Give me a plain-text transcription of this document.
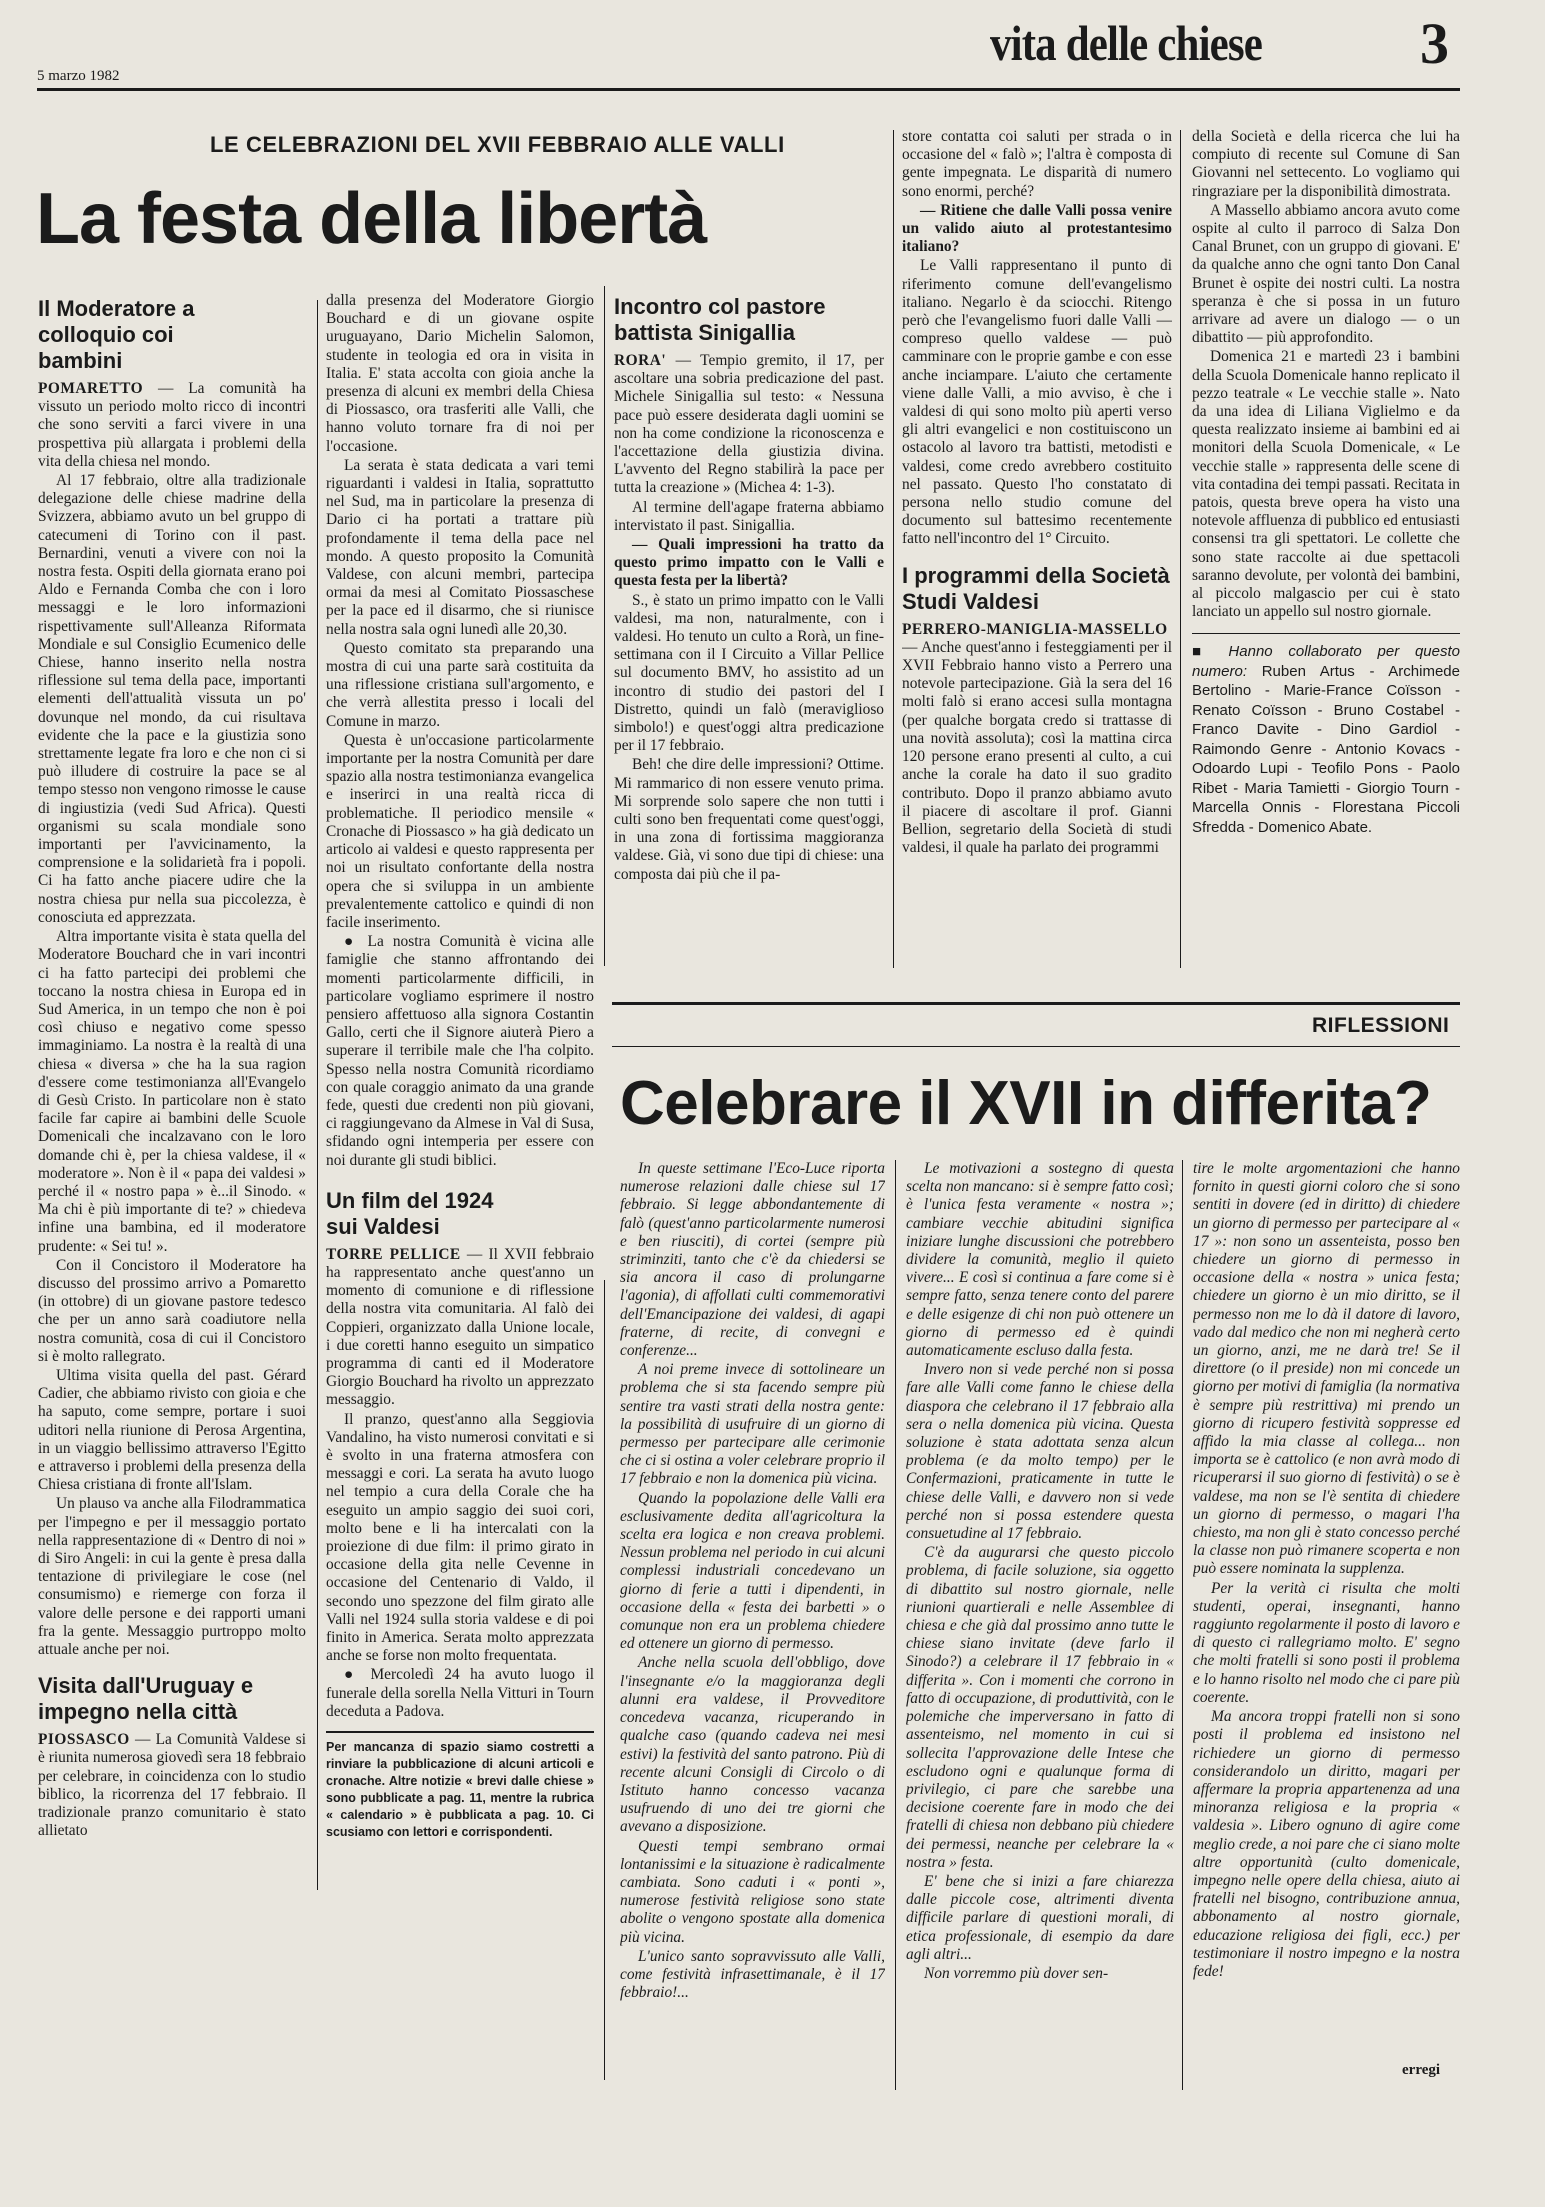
5 marzo 1982
vita delle chiese	3
LE CELEBRAZIONI DEL XVII FEBBRAIO ALLE VALLI
La festa della libertà
Il Moderatore a colloquio coi bambini

POMARETTO — La comunità ha vissuto un periodo molto ricco di incontri che sono serviti a farci vivere in una prospettiva più allargata i problemi della vita della chiesa nel mondo.

Al 17 febbraio, oltre alla tradizionale delegazione delle chiese madrine della Svizzera, abbiamo avuto un bel gruppo di catecumeni di Torino con il past. Bernardini, venuti a vivere con noi la nostra festa. Ospiti della giornata erano poi Aldo e Fernanda Comba che con i loro messaggi e le loro informazioni rispettivamente sull'Alleanza Riformata Mondiale e sul Consiglio Ecumenico delle Chiese, hanno inserito nella nostra riflessione sul tema della pace, importanti elementi dell'attualità vissuta un po' dovunque nel mondo, da cui risultava evidente che la pace e la giustizia sono strettamente legate fra loro e che non ci si può illudere di costruire la pace se al tempo stesso non vengono rimosse le cause di ingiustizia (vedi Sud Africa). Questi organismi su scala mondiale sono importanti per l'avvicinamento, la comprensione e la solidarietà fra i popoli. Ci ha fatto anche piacere udire che la nostra chiesa pur nella sua piccolezza, è conosciuta ed apprezzata.

Altra importante visita è stata quella del Moderatore Bouchard che in vari incontri ci ha fatto partecipi dei problemi che toccano la nostra chiesa in Europa ed in Sud America, in un tempo che non è poi così chiuso e negativo come spesso immaginiamo. La nostra è la realtà di una chiesa « diversa » che ha la sua ragion d'essere come testimonianza all'Evangelo di Gesù Cristo. In particolare non è stato facile far capire ai bambini delle Scuole Domenicali che incalzavano con le loro domande chi è, per la chiesa valdese, il « moderatore ». Non è il « papa dei valdesi » perché il « nostro papa » è...il Sinodo. « Ma chi è più importante di te? » chiedeva infine una bambina, ed il moderatore prudente: « Sei tu! ».

Con il Concistoro il Moderatore ha discusso del prossimo arrivo a Pomaretto (in ottobre) di un giovane pastore tedesco che per un anno sarà coadiutore nella nostra comunità, cosa di cui il Concistoro si è molto rallegrato.

Ultima visita quella del past. Gérard Cadier, che abbiamo rivisto con gioia e che ha saputo, come sempre, portare i suoi uditori nella riunione di Perosa Argentina, in un viaggio bellissimo attraverso l'Egitto e attraverso i problemi della presenza della Chiesa cristiana di fronte all'Islam.

Un plauso va anche alla Filodrammatica per l'impegno e per il messaggio portato nella rappresentazione di « Dentro di noi » di Siro Angeli: in cui la gente è presa dalla tentazione di privilegiare le cose (nel consumismo) e riemerge con forza il valore delle persone e dei rapporti umani fra la gente. Messaggio purtroppo molto attuale anche per noi.

Visita dall'Uruguay e impegno nella città

PIOSSASCO — La Comunità Valdese si è riunita numerosa giovedì sera 18 febbraio per celebrare, in coincidenza con lo studio biblico, la ricorrenza del 17 febbraio. Il tradizionale pranzo comunitario è stato allietato

dalla presenza del Moderatore Giorgio Bouchard e di un giovane ospite uruguayano, Dario Michelin Salomon, studente in teologia ed ora in visita in Italia. E' stata accolta con gioia anche la presenza di alcuni ex membri della Chiesa di Piossasco, ora trasferiti alle Valli, che hanno voluto tornare fra di noi per l'occasione.

La serata è stata dedicata a vari temi riguardanti i valdesi in Italia, soprattutto nel Sud, ma in particolare la presenza di Dario ci ha portati a trattare più profondamente il tema della pace nel mondo. A questo proposito la Comunità Valdese, con alcuni membri, partecipa ormai da mesi al Comitato Piossaschese per la pace ed il disarmo, che si riunisce nella nostra sala ogni lunedì alle 20,30.

Questo comitato sta preparando una mostra di cui una parte sarà costituita da una riflessione cristiana sull'argomento, e che verrà allestita presso i locali del Comune in marzo.

Questa è un'occasione particolarmente importante per la nostra Comunità per dare spazio alla nostra testimonianza evangelica e inserirci in una realtà ricca di problematiche. Il periodico mensile « Cronache di Piossasco » ha già dedicato un articolo ai valdesi e questo rappresenta per noi un risultato confortante della nostra opera che si sviluppa in un ambiente prevalentemente cattolico e quindi di non facile inserimento.

● La nostra Comunità è vicina alle famiglie che stanno affrontando dei momenti particolarmente difficili, in particolare vogliamo esprimere il nostro pensiero affettuoso alla signora Costantin Gallo, certi che il Signore aiuterà Piero a superare il terribile male che l'ha colpito. Spesso nella nostra Comunità ricordiamo con quale coraggio animato da una grande fede, questi due credenti non più giovani, ci raggiungevano da Almese in Val di Susa, sfidando ogni intemperia per essere con noi durante gli studi biblici.

Un film del 1924 sui Valdesi

TORRE PELLICE — Il XVII febbraio ha rappresentato anche quest'anno un momento di comunione e di riflessione della nostra vita comunitaria. Al falò dei Coppieri, organizzato dalla Unione locale, i due coretti hanno eseguito un simpatico programma di canti ed il Moderatore Giorgio Bouchard ha rivolto un apprezzato messaggio.

Il pranzo, quest'anno alla Seggiovia Vandalino, ha visto numerosi convitati e si è svolto in una fraterna atmosfera con messaggi e cori. La serata ha avuto luogo nel tempio a cura della Corale che ha eseguito un ampio saggio dei suoi cori, molto bene e li ha intercalati con la proiezione di due film: il primo girato in occasione della gita nelle Cevenne in occasione del Centenario di Valdo, il secondo uno spezzone del film girato alle Valli nel 1924 sulla storia valdese e di poi finito in America. Serata molto apprezzata anche se forse non molto frequentata.

● Mercoledì 24 ha avuto luogo il funerale della sorella Nella Vitturi in Tourn deceduta a Padova.

Per mancanza di spazio siamo costretti a rinviare la pubblicazione di alcuni articoli e cronache. Altre notizie « brevi dalle chiese » sono pubblicate a pag. 11, mentre la rubrica « calendario » è pubblicata a pag. 10. Ci scusiamo con lettori e corrispondenti.
Incontro col pastore battista Sinigallia

RORA' — Tempio gremito, il 17, per ascoltare una sobria predicazione del past. Michele Sinigallia sul testo: « Nessuna pace può essere desiderata dagli uomini se non ha come condizione la riconoscenza e l'accettazione della giustizia divina. L'avvento del Regno stabilirà la pace per tutta la creazione » (Michea 4: 1-3).

Al termine dell'agape fraterna abbiamo intervistato il past. Sinigallia.

— Quali impressioni ha tratto da questo primo impatto con le Valli e questa festa per la libertà?

S., è stato un primo impatto con le Valli valdesi, ma non, naturalmente, con i valdesi. Ho tenuto un culto a Rorà, un fine-settimana con il I Circuito a Villar Pellice sul documento BMV, ho assistito ad un incontro di studio dei pastori del I Distretto, quindi un falò (meraviglioso simbolo!) e quest'oggi altra predicazione per il 17 febbraio.

Beh! che dire delle impressioni? Ottime. Mi rammarico di non essere venuto prima. Mi sorprende solo sapere che non tutti i culti sono ben frequentati come quest'oggi, in una zona di fortissima maggioranza valdese. Già, vi sono due tipi di chiese: una composta dai più che il pa-

store contatta coi saluti per strada o in occasione del « falò »; l'altra è composta di gente impegnata. Le disparità di numero sono enormi, perché?

— Ritiene che dalle Valli possa venire un valido aiuto al protestantesimo italiano?

Le Valli rappresentano il punto di riferimento comune dell'evangelismo italiano. Negarlo è da sciocchi. Ritengo però che l'evangelismo fuori dalle Valli — compreso quello valdese — può camminare con le proprie gambe e con esse anche inciampare. L'aiuto che certamente viene dalle Valli, a mio avviso, è che i valdesi di qui sono molto più aperti verso gli altri evangelici e non costituiscono un ostacolo al lavoro tra battisti, metodisti e valdesi, come credo avrebbero costituito nel passato. Questo l'ho constatato di persona nello studio comune del documento sul battesimo recentemente fatto nell'incontro del 1° Circuito.

I programmi della Società Studi Valdesi

PERRERO-MANIGLIA-MASSELLO — Anche quest'anno i festeggiamenti per il XVII Febbraio hanno visto a Perrero una notevole partecipazione. Già la sera del 16 molti falò si erano accesi sulla montagna (per qualche borgata credo si trattasse di una novità assoluta); così la mattina circa 120 persone erano presenti al culto, a cui anche la corale ha dato il suo gradito contributo. Dopo il pranzo abbiamo avuto il piacere di ascoltare il prof. Gianni Bellion, segretario della Società di studi valdesi, il quale ha parlato dei programmi

della Società e della ricerca che lui ha compiuto di recente sul Comune di San Giovanni nel settecento. Lo vogliamo qui ringraziare per la disponibilità dimostrata.

A Massello abbiamo ancora avuto come ospite al culto il parroco di Salza Don Canal Brunet, con un gruppo di giovani. E' da qualche anno che ogni tanto Don Canal Brunet è ospite dei nostri culti. La nostra speranza è che si possa in un futuro arrivare ad avere un dialogo — o un dibattito — più approfondito.

Domenica 21 e martedì 23 i bambini della Scuola Domenicale hanno replicato il pezzo teatrale « Le vecchie stalle ». Nato da una idea di Liliana Viglielmo e da questa realizzato insieme ai bambini ed ai monitori della Scuola Domenicale, « Le vecchie stalle » rappresenta delle scene di vita contadina dei tempi passati. Recitata in patois, questa breve opera ha visto una notevole affluenza di pubblico ed entusiasti consensi tra gli spettatori. Le collette che sono state raccolte ai due spettacoli saranno devolute, per volontà dei bambini, al piccolo malgascio per cui è stato lanciato un appello sul nostro giornale.

■ Hanno collaborato per questo numero: Ruben Artus - Archimede Bertolino - Marie-France Coïsson - Renato Coïsson - Bruno Costabel - Franco Davite - Dino Gardiol - Raimondo Genre - Antonio Kovacs - Odoardo Lupi - Teofilo Pons - Paolo Ribet - Maria Tamietti - Giorgio Tourn - Marcella Onnis - Florestana Piccoli Sfredda - Domenico Abate.
RIFLESSIONI
Celebrare il XVII in differita?

In queste settimane l'Eco-Luce riporta numerose relazioni dalle chiese sul 17 febbraio. Si legge abbondantemente di falò (quest'anno particolarmente numerosi e ben riusciti), di cortei (sempre più striminziti, tanto che c'è da chiedersi se sia ancora il caso di prolungarne l'agonia), di affollati culti commemorativi dell'Emancipazione dei valdesi, di agapi fraterne, di recite, di convegni e conferenze...

A noi preme invece di sottolineare un problema che si sta facendo sempre più sentire tra vasti strati della nostra gente: la possibilità di usufruire di un giorno di permesso per partecipare alle cerimonie che ci si ostina a voler celebrare proprio il 17 febbraio e non la domenica più vicina.

Quando la popolazione delle Valli era esclusivamente dedita all'agricoltura la scelta era logica e non creava problemi. Nessun problema nel periodo in cui alcuni complessi industriali concedevano un giorno di ferie a tutti i dipendenti, in occasione della « festa dei barbetti » o comunque non era un problema chiedere ed ottenere un giorno di permesso.

Anche nella scuola dell'obbligo, dove l'insegnante e/o la maggioranza degli alunni era valdese, il Provveditore concedeva vacanza, ricuperando in qualche caso (quando cadeva nei mesi estivi) la festività del santo patrono. Più di recente alcuni Consigli di Circolo o di Istituto hanno concesso vacanza usufruendo di uno dei tre giorni che avevano a disposizione.

Questi tempi sembrano ormai lontanissimi e la situazione è radicalmente cambiata. Sono caduti i « ponti », numerose festività religiose sono state abolite o vengono spostate alla domenica più vicina.

L'unico santo sopravvissuto alle Valli, come festività infrasettimanale, è il 17 febbraio!...

Le motivazioni a sostegno di questa scelta non mancano: si è sempre fatto così; è l'unica festa veramente « nostra »; cambiare vecchie abitudini significa iniziare lunghe discussioni che potrebbero dividere la comunità, meglio il quieto vivere... E così si continua a fare come si è sempre fatto, senza tenere conto del parere e delle esigenze di chi non può ottenere un giorno di permesso ed è quindi automaticamente escluso dalla festa.

Invero non si vede perché non si possa fare alle Valli come fanno le chiese della diaspora che celebrano il 17 febbraio alla sera o nella domenica più vicina. Questa soluzione è stata adottata senza alcun problema (e da molto tempo) per le Confermazioni, praticamente in tutte le chiese delle Valli, e davvero non si vede perché non si possa estendere questa consuetudine al 17 febbraio.

C'è da augurarsi che questo piccolo problema, di facile soluzione, sia oggetto di dibattito sul nostro giornale, nelle riunioni quartierali e nelle Assemblee di chiesa e che già dal prossimo anno tutte le chiese siano invitate (deve farlo il Sinodo?) a celebrare il 17 febbraio in « differita ». Con i momenti che corrono in fatto di occupazione, di produttività, con le polemiche che imperversano in fatto di assenteismo, nel momento in cui si sollecita l'approvazione delle Intese che escludono ogni e qualunque forma di privilegio, ci pare che sarebbe una decisione coerente fare in modo che dei fratelli di chiesa non debbano più chiedere dei permessi, neanche per celebrare la « nostra » festa.

E' bene che si inizi a fare chiarezza dalle piccole cose, altrimenti diventa difficile parlare di questioni morali, di etica professionale, di esempio da dare agli altri...

Non vorremmo più dover sen-

tire le molte argomentazioni che hanno fornito in questi giorni coloro che si sono sentiti in dovere (ed in diritto) di chiedere un giorno di permesso per partecipare al « 17 »: non sono un assenteista, posso ben chiedere un giorno di permesso in occasione della « nostra » unica festa; chiedere un giorno è un mio diritto, se il permesso non me lo dà il datore di lavoro, vado dal medico che non mi negherà certo un giorno, anzi, me ne darà tre! Se il direttore (o il preside) non mi concede un giorno per motivi di famiglia (la normativa è sempre più restrittiva) mi prendo un giorno di ricupero festività soppresse ed affido la mia classe al collega... non importa se è cattolico (e non avrà modo di ricuperarsi il suo giorno di festività) o se è valdese, ma non se l'è sentita di chiedere un giorno di permesso, o magari l'ha chiesto, ma non gli è stato concesso perché la classe non può rimanere scoperta e non può essere nominata la supplenza.

Per la verità ci risulta che molti studenti, operai, insegnanti, hanno raggiunto regolarmente il posto di lavoro e di questo ci rallegriamo molto. E' segno che molti fratelli si sono posti il problema e lo hanno risolto nel modo che ci pare più coerente.

Ma ancora troppi fratelli non si sono posti il problema ed insistono nel richiedere un giorno di permesso considerandolo un diritto, magari per affermare la propria appartenenza ad una minoranza religiosa e la propria « valdesia ». Libero ognuno di agire come meglio crede, a noi pare che ci siano molte altre opportunità (culto domenicale, impegno nelle opere della chiesa, aiuto ai fratelli nel bisogno, contribuzione annua, abbonamento al nostro giornale, educazione religiosa dei figli, ecc.) per testimoniare il nostro impegno e la nostra fede!

erregi
